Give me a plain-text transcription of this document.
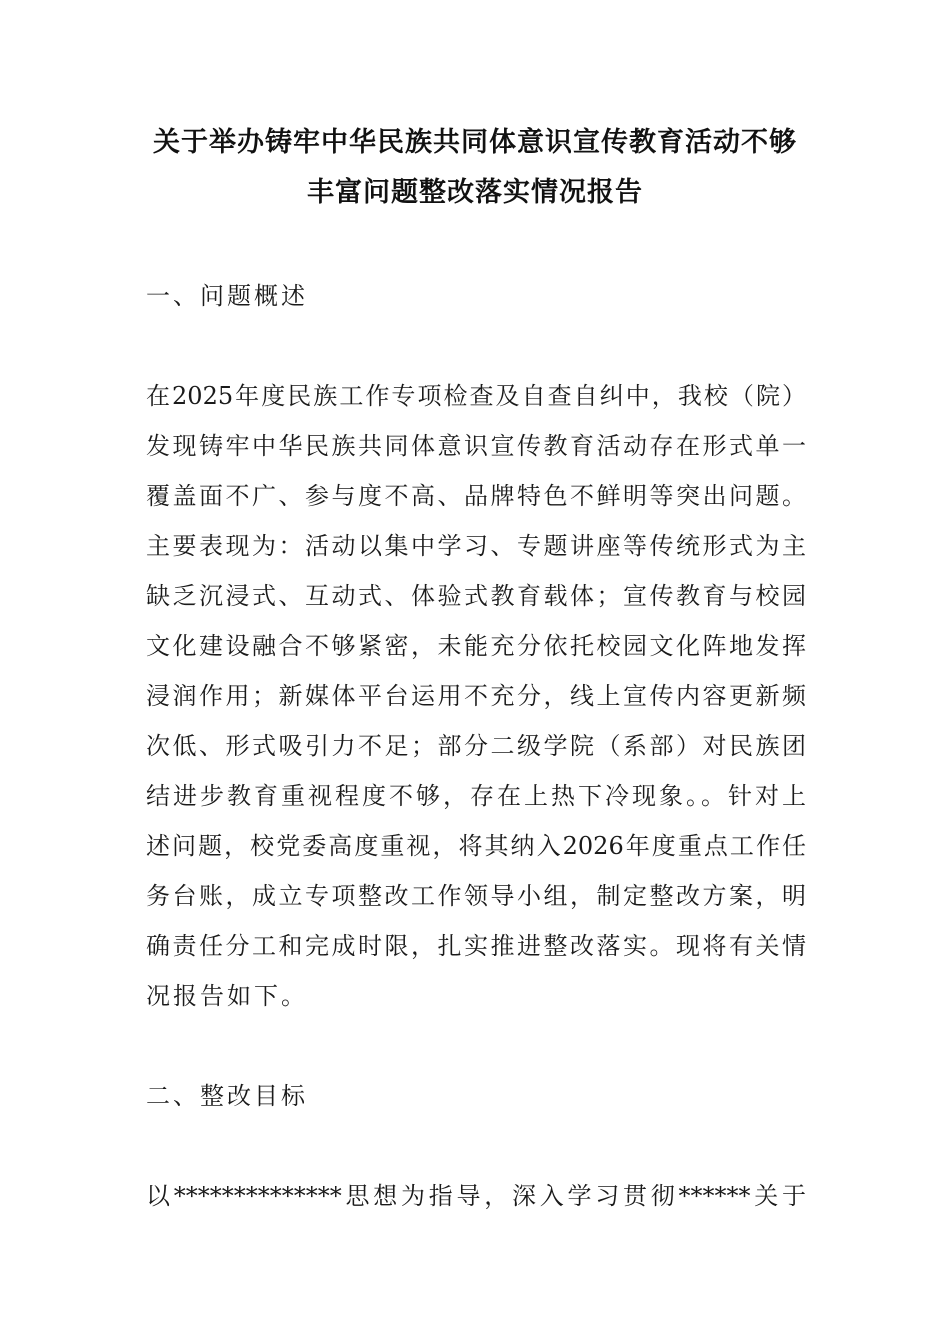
关于举办铸牢中华民族共同体意识宣传教育活动不够
丰富问题整改落实情况报告
一、问题概述
在2025年度民族工作专项检查及自查自纠中，我校（院）
发现铸牢中华民族共同体意识宣传教育活动存在形式单一
覆盖面不广、参与度不高、品牌特色不鲜明等突出问题。
主要表现为：活动以集中学习、专题讲座等传统形式为主
缺乏沉浸式、互动式、体验式教育载体；宣传教育与校园
文化建设融合不够紧密，未能充分依托校园文化阵地发挥
浸润作用；新媒体平台运用不充分，线上宣传内容更新频
次低、形式吸引力不足；部分二级学院（系部）对民族团
结进步教育重视程度不够，存在上热下冷现象。。针对上
述问题，校党委高度重视，将其纳入2026年度重点工作任
务台账，成立专项整改工作领导小组，制定整改方案，明
确责任分工和完成时限，扎实推进整改落实。现将有关情
况报告如下。
二、整改目标
以**************思想为指导，深入学习贯彻******关于
